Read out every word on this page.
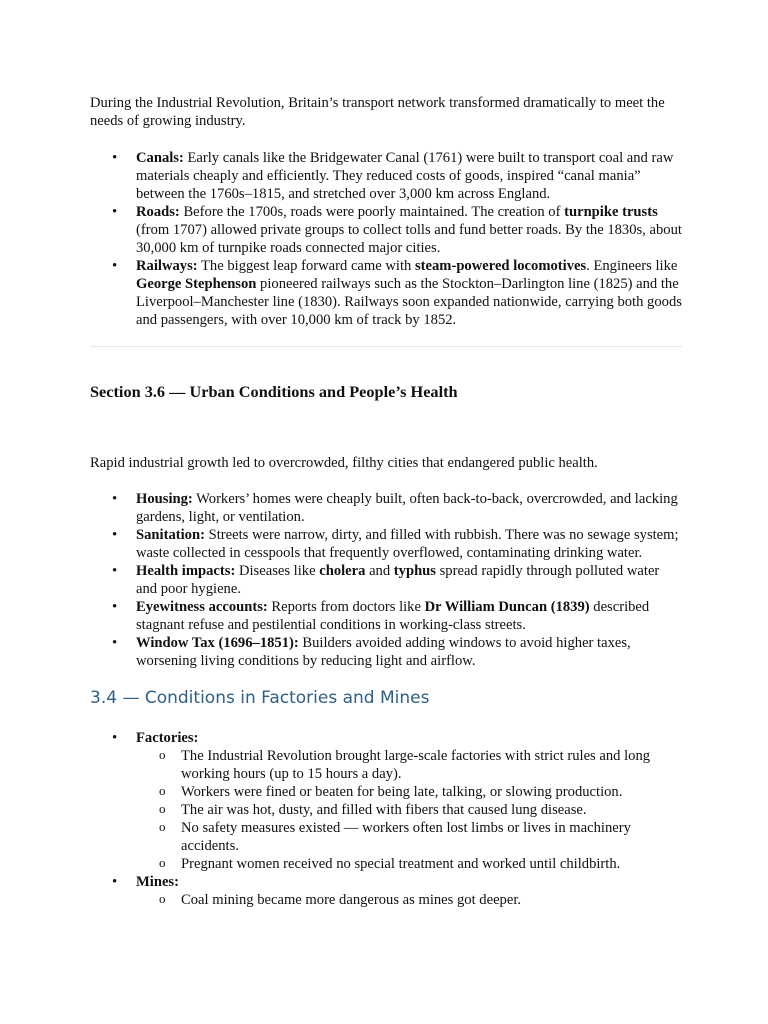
During the Industrial Revolution, Britain’s transport network transformed dramatically to meet the needs of growing industry.

• Canals: Early canals like the Bridgewater Canal (1761) were built to transport coal and raw materials cheaply and efficiently. They reduced costs of goods, inspired “canal mania” between the 1760s–1815, and stretched over 3,000 km across England.
• Roads: Before the 1700s, roads were poorly maintained. The creation of turnpike trusts (from 1707) allowed private groups to collect tolls and fund better roads. By the 1830s, about 30,000 km of turnpike roads connected major cities.
• Railways: The biggest leap forward came with steam-powered locomotives. Engineers like George Stephenson pioneered railways such as the Stockton–Darlington line (1825) and the Liverpool–Manchester line (1830). Railways soon expanded nationwide, carrying both goods and passengers, with over 10,000 km of track by 1852.
Section 3.6 — Urban Conditions and People’s Health

Rapid industrial growth led to overcrowded, filthy cities that endangered public health.

• Housing: Workers’ homes were cheaply built, often back-to-back, overcrowded, and lacking gardens, light, or ventilation.
• Sanitation: Streets were narrow, dirty, and filled with rubbish. There was no sewage system; waste collected in cesspools that frequently overflowed, contaminating drinking water.
• Health impacts: Diseases like cholera and typhus spread rapidly through polluted water and poor hygiene.
• Eyewitness accounts: Reports from doctors like Dr William Duncan (1839) described stagnant refuse and pestilential conditions in working-class streets.
• Window Tax (1696–1851): Builders avoided adding windows to avoid higher taxes, worsening living conditions by reducing light and airflow.
3.4 — Conditions in Factories and Mines
• Factories:
o The Industrial Revolution brought large-scale factories with strict rules and long working hours (up to 15 hours a day).
o Workers were fined or beaten for being late, talking, or slowing production.
o The air was hot, dusty, and filled with fibers that caused lung disease.
o No safety measures existed — workers often lost limbs or lives in machinery accidents.
o Pregnant women received no special treatment and worked until childbirth.
• Mines:
o Coal mining became more dangerous as mines got deeper.
